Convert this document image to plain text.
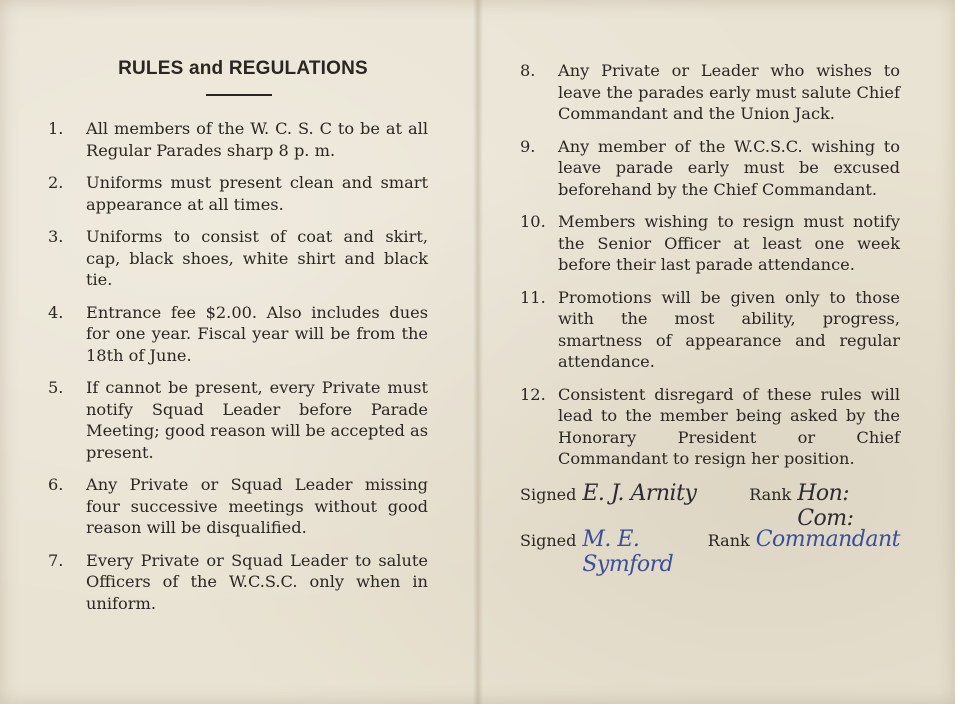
RULES and REGULATIONS
1.	All members of the W. C. S. C to be at all Regular Parades sharp 8 p. m.
2.	Uniforms must present clean and smart appearance at all times.
3.	Uniforms to consist of coat and skirt, cap, black shoes, white shirt and black tie.
4.	Entrance fee $2.00. Also includes dues for one year. Fiscal year will be from the 18th of June.
5.	If cannot be present, every Private must notify Squad Leader before Parade Meeting; good reason will be accepted as present.
6.	Any Private or Squad Leader missing four successive meetings without good reason will be disqualified.
7.	Every Private or Squad Leader to salute Officers of the W.C.S.C. only when in uniform.
8.	Any Private or Leader who wishes to leave the parades early must salute Chief Commandant and the Union Jack.
9.	Any member of the W.C.S.C. wishing to leave parade early must be excused beforehand by the Chief Commandant.
10. Members wishing to resign must notify the Senior Officer at least one week before their last parade attendance.
11. Promotions will be given only to those with the most ability, progress, smartness of appearance and regular attendance.
12. Consistent disregard of these rules will lead to the member being asked by the Honorary President or Chief Commandant to resign her position.
Signed E. J. Arnity	Rank Hon: Com:
Signed M. E. Symford
Rank Commandant
